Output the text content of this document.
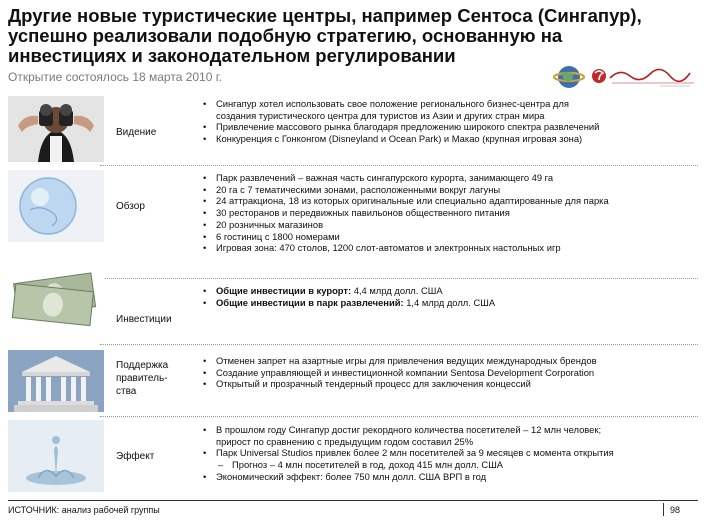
Другие новые туристические центры, например Сентоса (Сингапур),
успешно реализовали подобную стратегию, основанную на
инвестициях и законодательном регулировании
Открытие состоялось 18 марта 2010 г.
Видение
• Сингапур хотел использовать свое положение регионального бизнес-центра для
создания туристического центра для туристов из Азии и других стран мира
• Привлечение массового рынка благодаря предложению широкого спектра развлечений
• Конкуренция с Гонконгом (Disneyland и Ocean Park) и Макао (крупная игровая зона)
Обзор
• Парк развлечений – важная часть сингапурского курорта, занимающего 49 га
• 20 га с 7 тематическими зонами, расположенными вокруг лагуны
• 24 аттракциона, 18 из которых оригинальные или специально адаптированные для парка
• 30 ресторанов и передвижных павильонов общественного питания
• 20 розничных магазинов
• 6 гостиниц с 1800 номерами
• Игровая зона: 470 столов, 1200 слот-автоматов и электронных настольных игр
Инвестиции
• Общие инвестиции в курорт: 4,4 млрд долл. США
• Общие инвестиции в парк развлечений: 1,4 млрд долл. США
Поддержка
правитель-
ства
• Отменен запрет на азартные игры для привлечения ведущих международных брендов
• Создание управляющей и инвестиционной компании Sentosa Development Corporation
• Открытый и прозрачный тендерный процесс для заключения концессий
Эффект
• В прошлом году Сингапур достиг рекордного количества посетителей – 12 млн человек;
прирост по сравнению с предыдущим годом составил 25%
• Парк Universal Studios привлек более 2 млн посетителей за 9 месяцев с момента открытия
– Прогноз – 4 млн посетителей в год, доход 415 млн долл. США
• Экономический эффект: более 750 млн долл. США ВРП в год
ИСТОЧНИК: анализ рабочей группы	98
